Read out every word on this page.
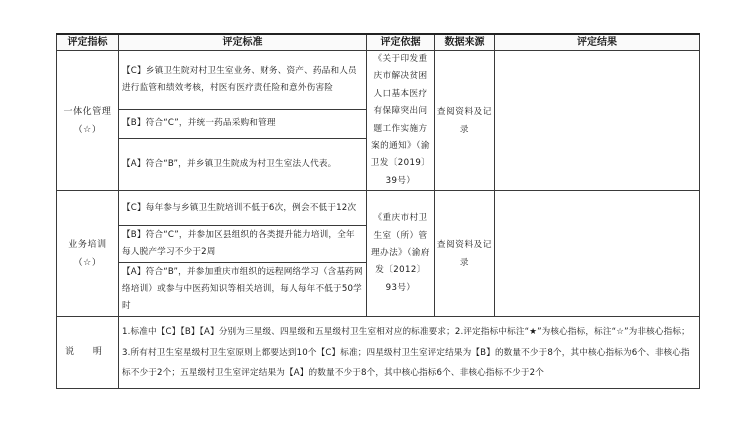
评定指标	评定标准	评定依据	数据来源	评定结果

一体化管理
（☆）	【C】乡镇卫生院对村卫生室业务、财务、资产、药品和人员进行监管和绩效考核，村医有医疗责任险和意外伤害险	《关于印发重庆市解决贫困人口基本医疗有保障突出问题工作实施方案的通知》（渝卫发〔2019〕39号）	查阅资料及记录	
	【B】符合“C”，并统一药品采购和管理			
	【A】符合“B”，并乡镇卫生院成为村卫生室法人代表。			

业务培训
（☆）	【C】每年参与乡镇卫生院培训不低于6次，例会不低于12次	《重庆市村卫生室（所）管理办法》（渝府发〔2012〕93号）	查阅资料及记录	
	【B】符合“C”，并参加区县组织的各类提升能力培训，全年每人脱产学习不少于2周			
	【A】符合“B”，并参加重庆市组织的远程网络学习（含基药网络培训）或参与中医药知识等相关培训，每人每年不低于50学时			
说 明	1.标准中【C】【B】【A】分别为三星级、四星级和五星级村卫生室相对应的标准要求；2.评定指标中标注“★”为核心指标，标注“☆”为非核心指标；3.所有村卫生室星级村卫生室原则上都要达到10个【C】标准；四星级村卫生室评定结果为【B】的数量不少于8个，其中核心指标为6个、非核心指标不少于2个；五星级村卫生室评定结果为【A】的数量不少于8个，其中核心指标6个、非核心指标不少于2个			
